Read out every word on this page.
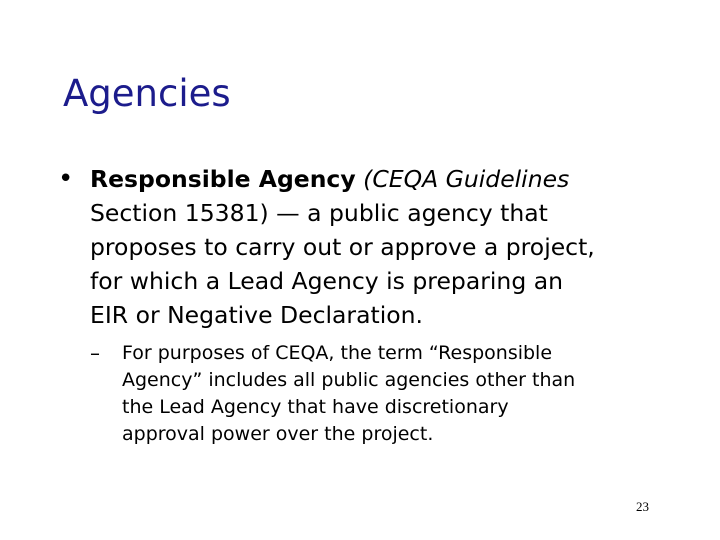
Agencies
• Responsible Agency (CEQA Guidelines
Section 15381) — a public agency that
proposes to carry out or approve a project,
for which a Lead Agency is preparing an
EIR or Negative Declaration.
– For purposes of CEQA, the term “Responsible
Agency” includes all public agencies other than
the Lead Agency that have discretionary
approval power over the project.
23
